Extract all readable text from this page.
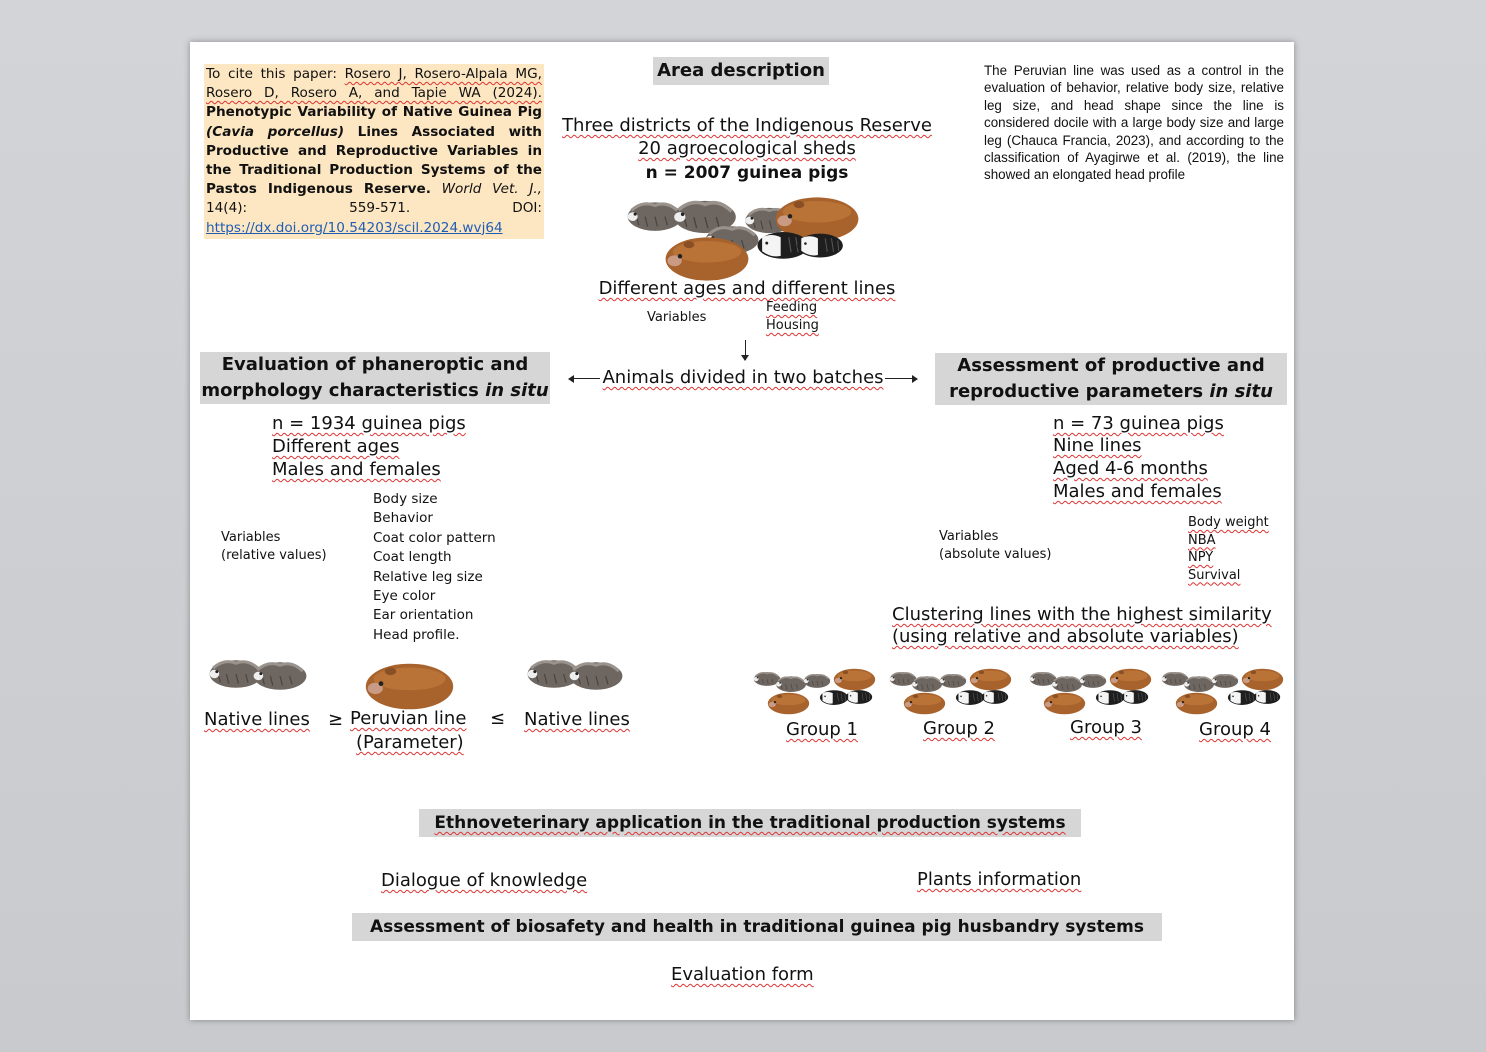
To cite this paper: Rosero J, Rosero-Alpala MG, Rosero D, Rosero A, and Tapie WA (2024). Phenotypic Variability of Native Guinea Pig (Cavia porcellus) Lines Associated with Productive and Reproductive Variables in the Traditional Production Systems of the Pastos Indigenous Reserve. World Vet. J., 14(4): 559-571. DOI: https://dx.doi.org/10.54203/scil.2024.wvj64
Area description
Three districts of the Indigenous Reserve
20 agroecological sheds
n = 2007 guinea pigs
Different ages and different lines
Variables
Feeding
Housing
The Peruvian line was used as a control in the evaluation of behavior, relative body size, relative leg size, and head shape since the line is considered docile with a large body size and large leg (Chauca Francia, 2023), and according to the classification of Ayagirwe et al. (2019), the line showed an elongated head profile
Animals divided in two batches
Evaluation of phaneroptic and
morphology characteristics in situ
n = 1934 guinea pigs
Different ages
Males and females
Variables
(relative values)
Body size
Behavior
Coat color pattern
Coat length
Relative leg size
Eye color
Ear orientation
Head profile.
Native lines ≥ Peruvian line
(Parameter)
≤ Native lines
Assessment of productive and
reproductive parameters in situ
n = 73 guinea pigs
Nine lines
Aged 4-6 months
Males and females
Variables
(absolute values)
Body weight
NBA
NPY
Survival
Clustering lines with the highest similarity
(using relative and absolute variables)
Group 1	Group 2	Group 3	Group 4
Ethnoveterinary application in the traditional production systems
Dialogue of knowledge	Plants information
Assessment of biosafety and health in traditional guinea pig husbandry systems
Evaluation form
